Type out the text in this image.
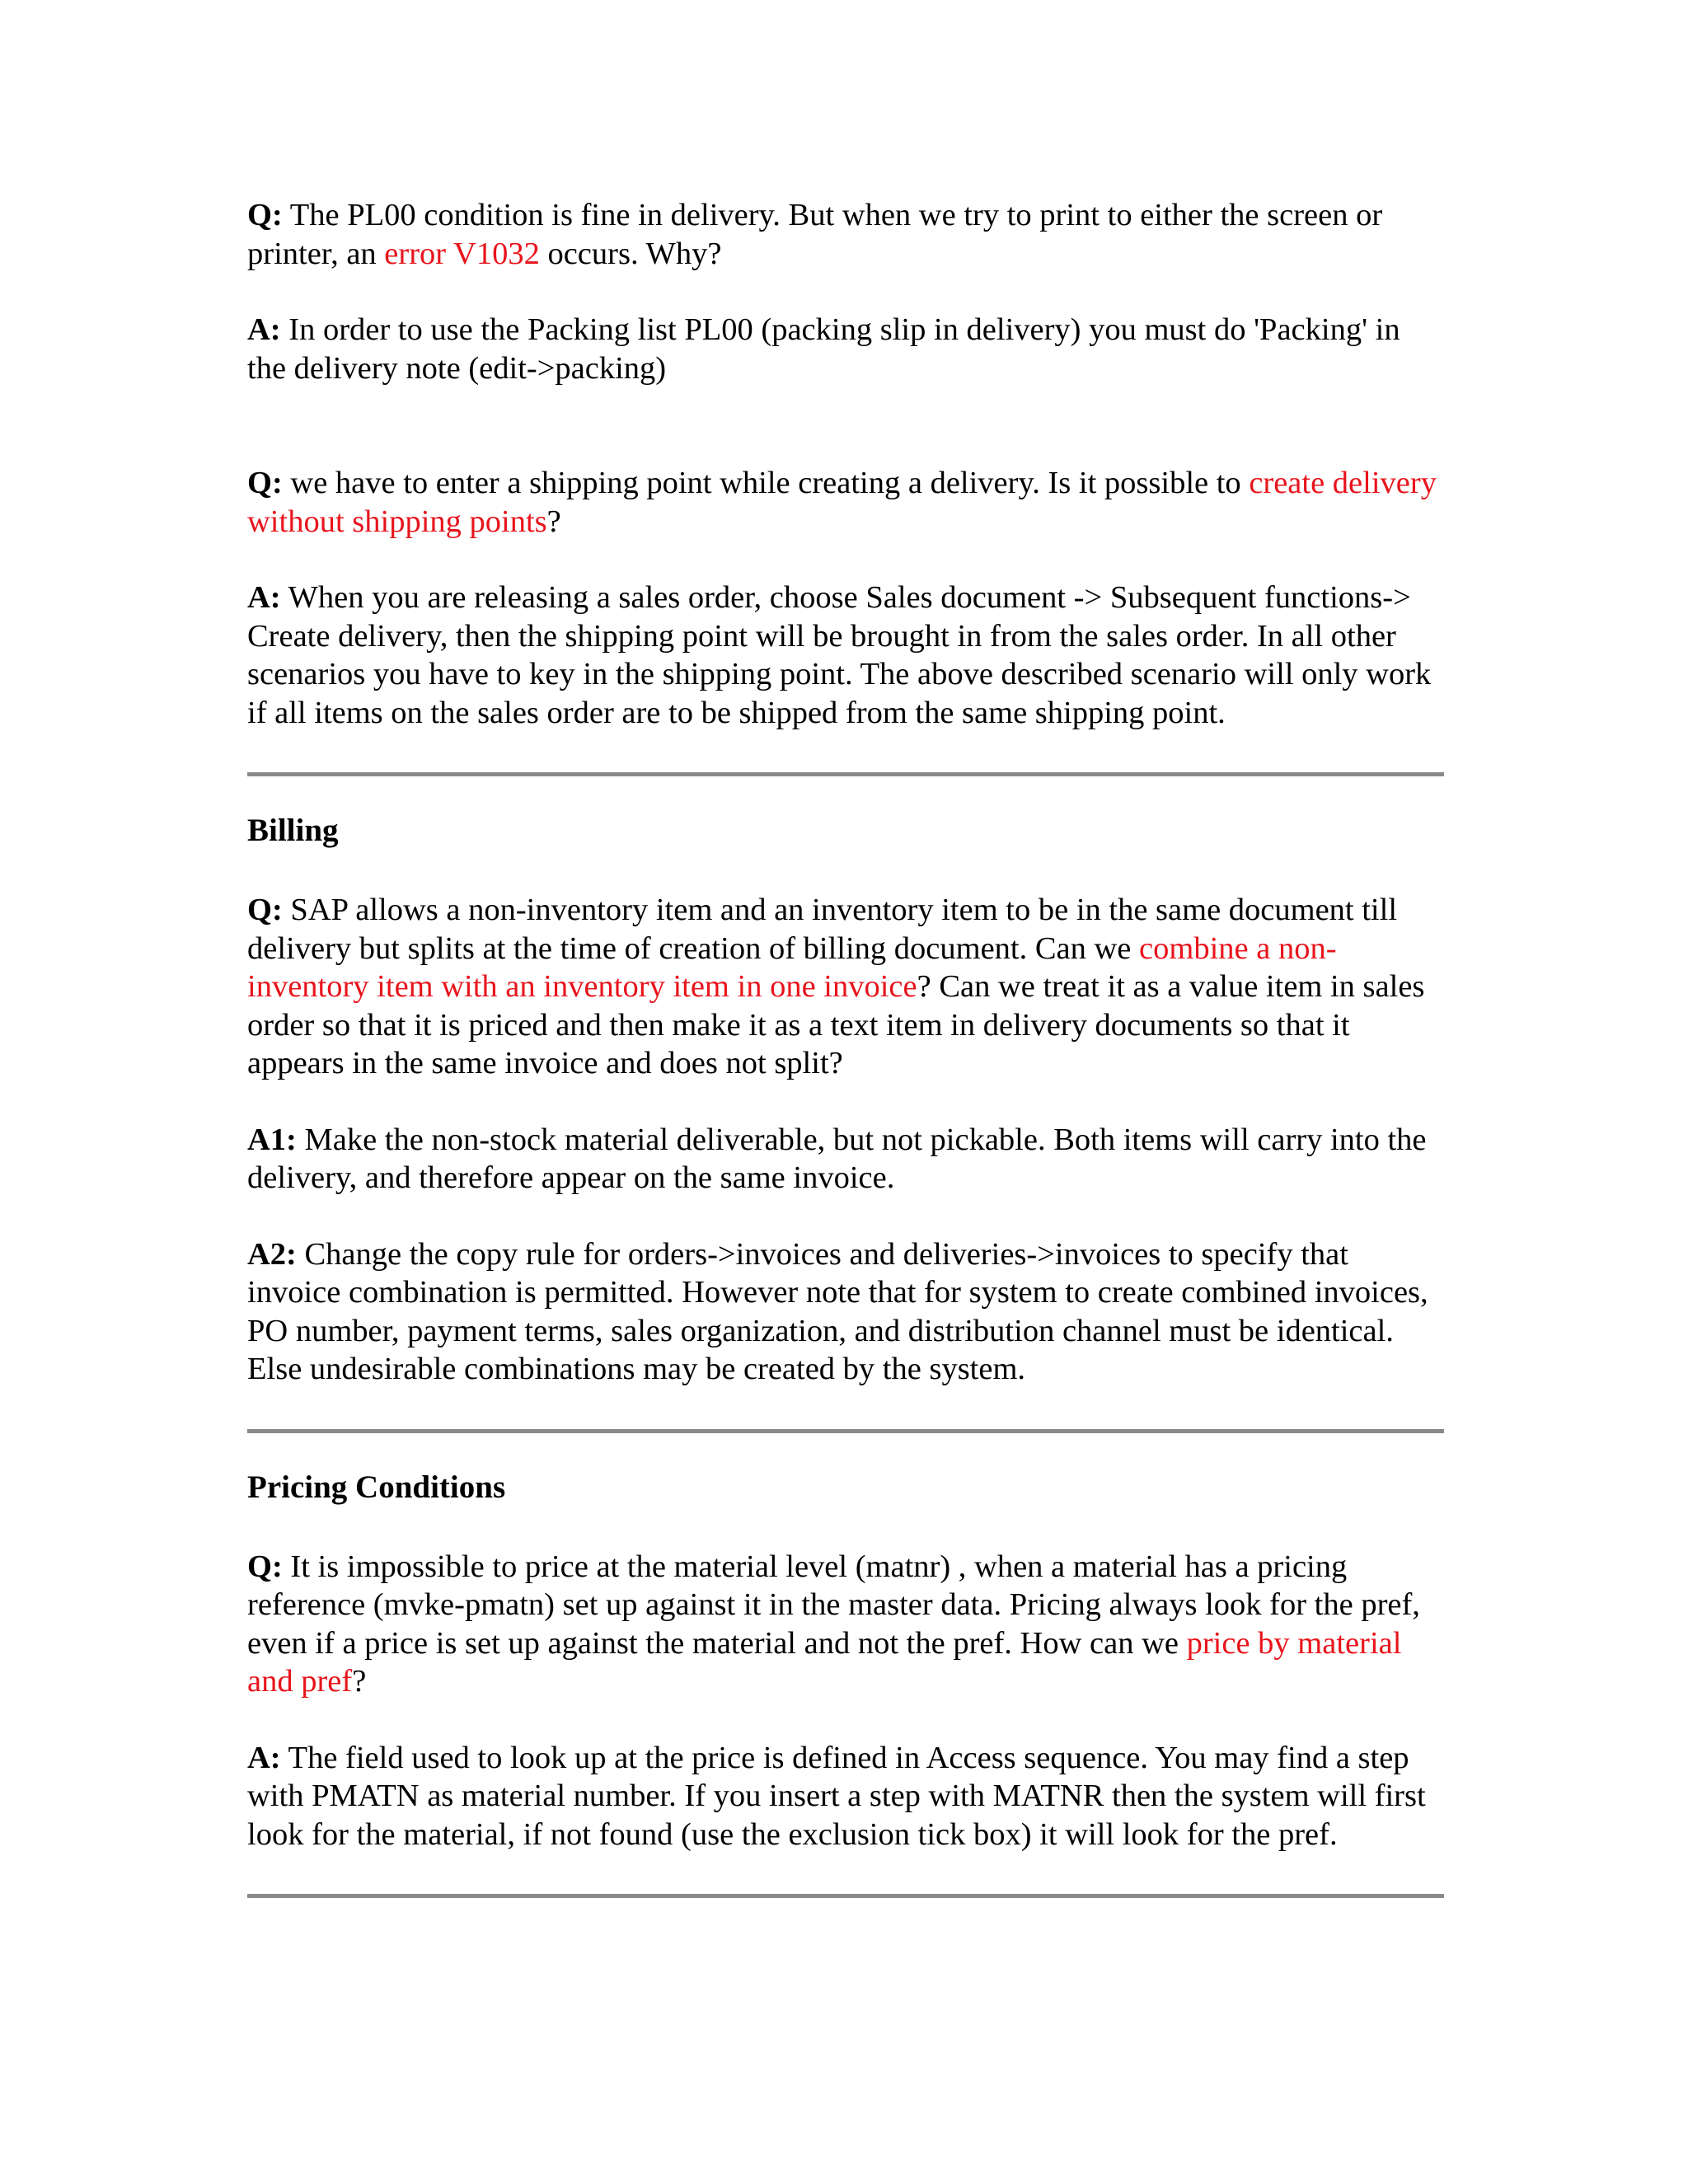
Q: The PL00 condition is fine in delivery. But when we try to print to either the screen or printer, an error V1032 occurs. Why?

A: In order to use the Packing list PL00 (packing slip in delivery) you must do 'Packing' in the delivery note (edit->packing)

Q: we have to enter a shipping point while creating a delivery. Is it possible to create delivery without shipping points?

A: When you are releasing a sales order, choose Sales document -> Subsequent functions-> Create delivery, then the shipping point will be brought in from the sales order. In all other scenarios you have to key in the shipping point. The above described scenario will only work if all items on the sales order are to be shipped from the same shipping point.

Billing

Q: SAP allows a non-inventory item and an inventory item to be in the same document till delivery but splits at the time of creation of billing document. Can we combine a non-inventory item with an inventory item in one invoice? Can we treat it as a value item in sales order so that it is priced and then make it as a text item in delivery documents so that it appears in the same invoice and does not split?

A1: Make the non-stock material deliverable, but not pickable. Both items will carry into the delivery, and therefore appear on the same invoice.

A2: Change the copy rule for orders->invoices and deliveries->invoices to specify that invoice combination is permitted. However note that for system to create combined invoices, PO number, payment terms, sales organization, and distribution channel must be identical. Else undesirable combinations may be created by the system.

Pricing Conditions

Q: It is impossible to price at the material level (matnr) , when a material has a pricing reference (mvke-pmatn) set up against it in the master data. Pricing always look for the pref, even if a price is set up against the material and not the pref. How can we price by material and pref?

A: The field used to look up at the price is defined in Access sequence. You may find a step with PMATN as material number. If you insert a step with MATNR then the system will first look for the material, if not found (use the exclusion tick box) it will look for the pref.
